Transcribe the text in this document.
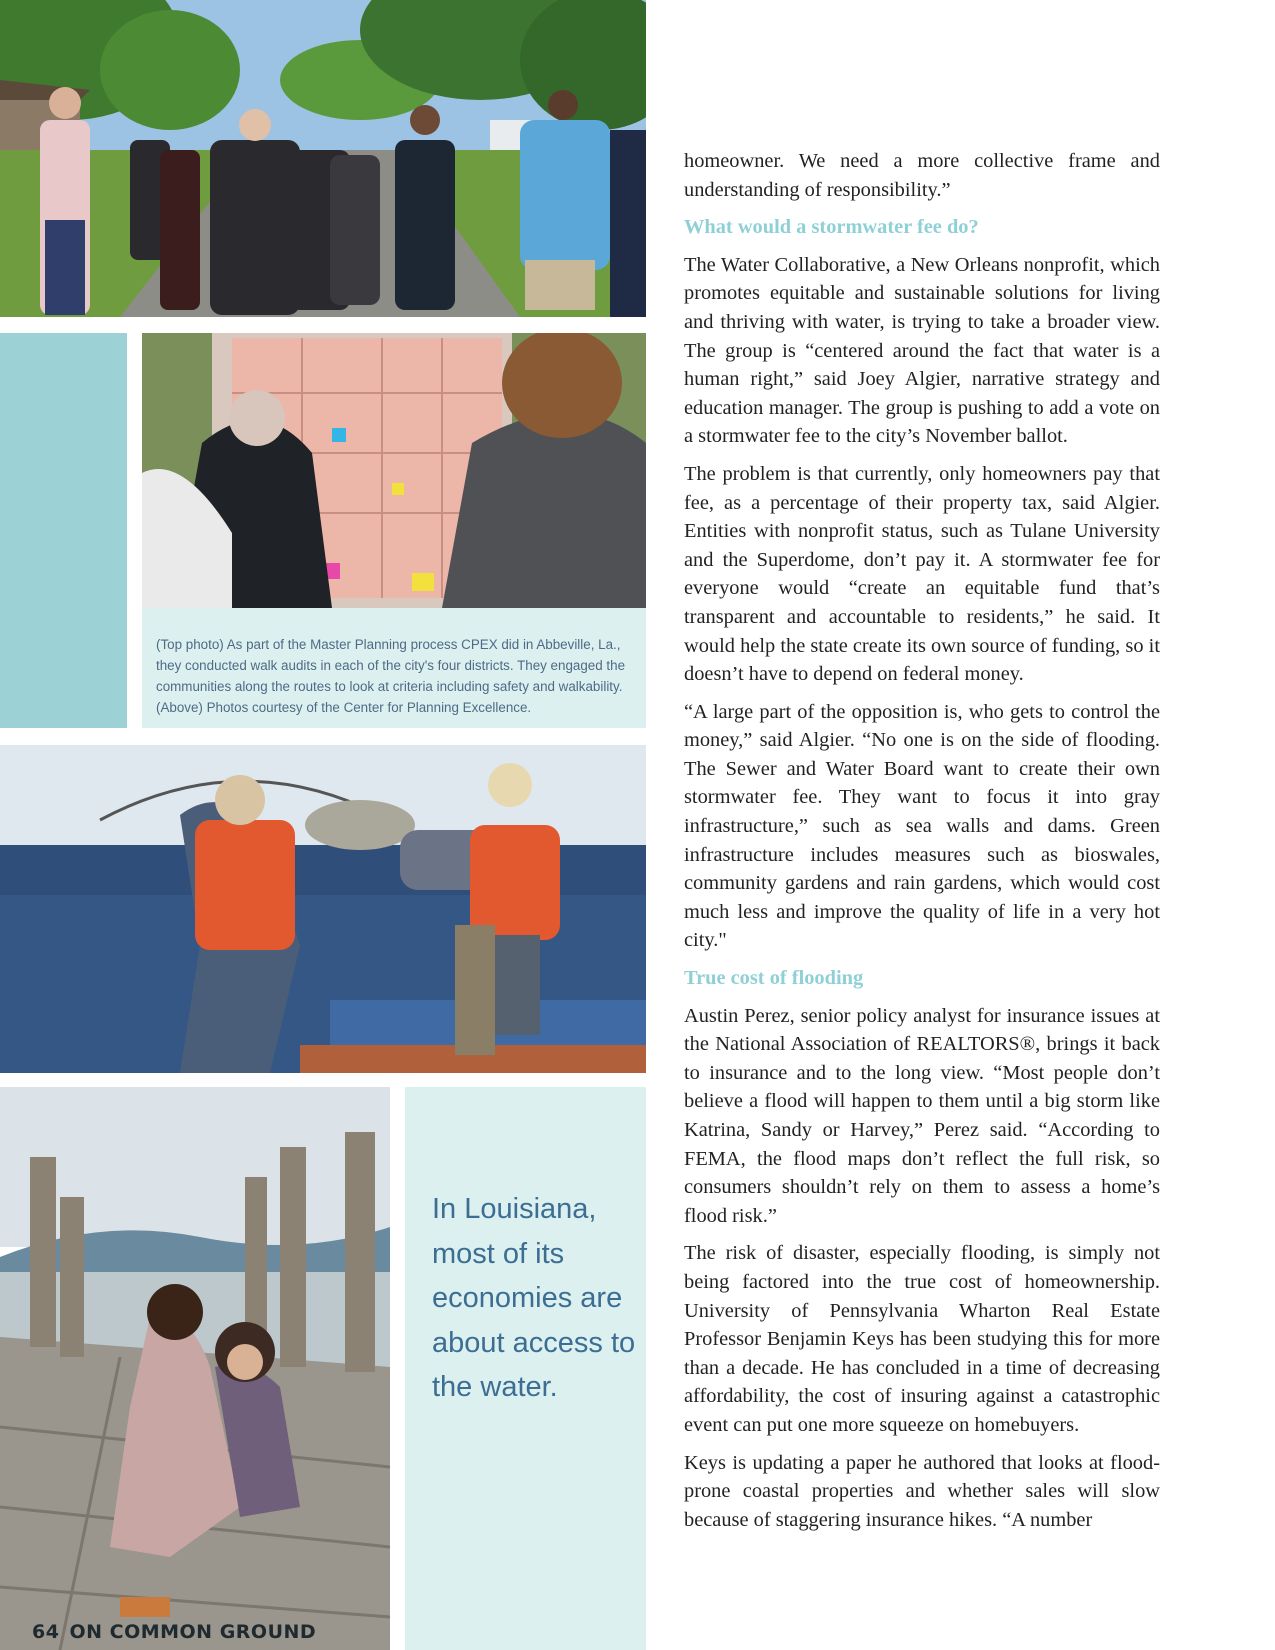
(Top photo) As part of the Master Planning process CPEX did in Abbeville, La., they conducted walk audits in each of the city's four districts. They engaged the communities along the routes to look at criteria including safety and walkability. (Above) Photos courtesy of the Center for Planning Excellence.
In Louisiana, most of its economies are about access to the water.
64 ON COMMON GROUND

homeowner. We need a more collective frame and understanding of responsibility.”

What would a stormwater fee do?

The Water Collaborative, a New Orleans nonprofit, which promotes equitable and sustainable solutions for living and thriving with water, is trying to take a broader view. The group is “centered around the fact that water is a human right,” said Joey Algier, narrative strategy and education manager. The group is pushing to add a vote on a stormwater fee to the city’s November ballot.

The problem is that currently, only homeowners pay that fee, as a percentage of their property tax, said Algier. Entities with nonprofit status, such as Tulane University and the Superdome, don’t pay it. A stormwater fee for everyone would “create an equitable fund that’s transparent and accountable to residents,” he said. It would help the state create its own source of funding, so it doesn’t have to depend on federal money.

“A large part of the opposition is, who gets to control the money,” said Algier. “No one is on the side of flooding. The Sewer and Water Board want to create their own stormwater fee. They want to focus it into gray infrastructure,” such as sea walls and dams. Green infrastructure includes measures such as bioswales, community gardens and rain gardens, which would cost much less and improve the quality of life in a very hot city."

True cost of flooding

Austin Perez, senior policy analyst for insurance issues at the National Association of REALTORS®, brings it back to insurance and to the long view. “Most people don’t believe a flood will happen to them until a big storm like Katrina, Sandy or Harvey,” Perez said. “According to FEMA, the flood maps don’t reflect the full risk, so consumers shouldn’t rely on them to assess a home’s flood risk.”

The risk of disaster, especially flooding, is simply not being factored into the true cost of homeownership. University of Pennsylvania Wharton Real Estate Professor Benjamin Keys has been studying this for more than a decade. He has concluded in a time of decreasing affordability, the cost of insuring against a catastrophic event can put one more squeeze on homebuyers.

Keys is updating a paper he authored that looks at flood-prone coastal properties and whether sales will slow because of staggering insurance hikes. “A number
